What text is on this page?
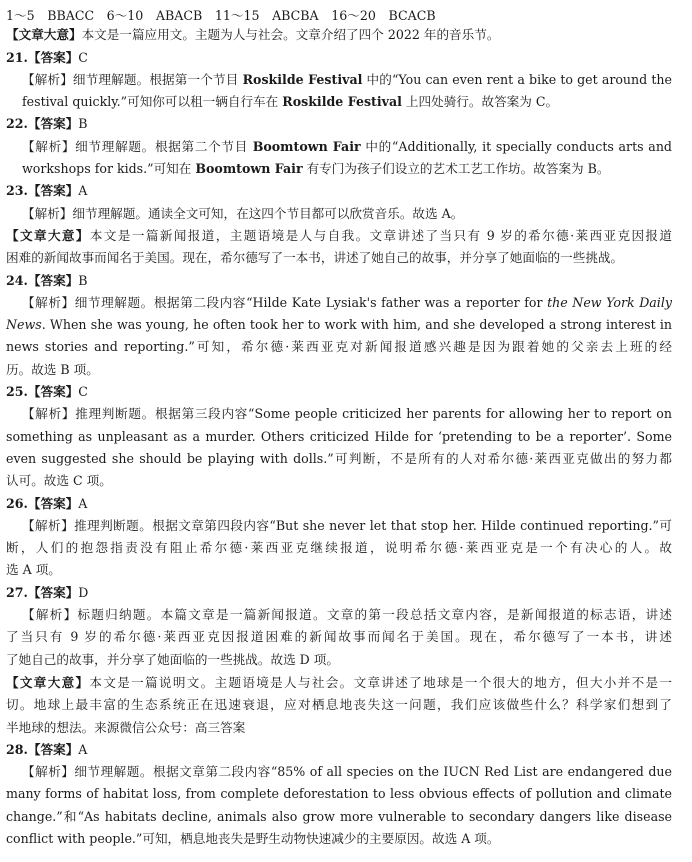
1～5　BBACC　6～10　ABACB　11～15　ABCBA　16～20　BCACB
【文章大意】本文是一篇应用文。主题为人与社会。文章介绍了四个 2022 年的音乐节。
21.【答案】C
【解析】细节理解题。根据第一个节目 Roskilde Festival 中的“You can even rent a bike to get around the
festival quickly.”可知你可以租一辆自行车在 Roskilde Festival 上四处骑行。故答案为 C。
22.【答案】B
【解析】细节理解题。根据第二个节目 Boomtown Fair 中的“Additionally, it specially conducts arts and
workshops for kids.”可知在 Boomtown Fair 有专门为孩子们设立的艺术工艺工作坊。故答案为 B。
23.【答案】A
【解析】细节理解题。通读全文可知，在这四个节目都可以欣赏音乐。故选 A。
【文章大意】本文是一篇新闻报道，主题语境是人与自我。文章讲述了当只有 9 岁的希尔德·莱西亚克因报道
困难的新闻故事而闻名于美国。现在，希尔德写了一本书，讲述了她自己的故事，并分享了她面临的一些挑战。
24.【答案】B
【解析】细节理解题。根据第二段内容“Hilde Kate Lysiak's father was a reporter for the New York Daily
News. When she was young, he often took her to work with him, and she developed a strong interest in
news stories and reporting.”可知，希尔德·莱西亚克对新闻报道感兴趣是因为跟着她的父亲去上班的经
历。故选 B 项。
25.【答案】C
【解析】推理判断题。根据第三段内容“Some people criticized her parents for allowing her to report on
something as unpleasant as a murder. Others criticized Hilde for ‘pretending to be a reporter’. Some
even suggested she should be playing with dolls.”可判断，不是所有的人对希尔德·莱西亚克做出的努力都
认可。故选 C 项。
26.【答案】A
【解析】推理判断题。根据文章第四段内容“But she never let that stop her. Hilde continued reporting.”可
断，人们的抱怨指责没有阻止希尔德·莱西亚克继续报道，说明希尔德·莱西亚克是一个有决心的人。故
选 A 项。
27.【答案】D
【解析】标题归纳题。本篇文章是一篇新闻报道。文章的第一段总括文章内容，是新闻报道的标志语，讲述
了当只有 9 岁的希尔德·莱西亚克因报道困难的新闻故事而闻名于美国。现在，希尔德写了一本书，讲述
了她自己的故事，并分享了她面临的一些挑战。故选 D 项。
【文章大意】本文是一篇说明文。主题语境是人与社会。文章讲述了地球是一个很大的地方，但大小并不是一
切。地球上最丰富的生态系统正在迅速衰退，应对栖息地丧失这一问题，我们应该做些什么？科学家们想到了
半地球的想法。来源微信公众号：高三答案
28.【答案】A
【解析】细节理解题。根据文章第二段内容“85% of all species on the IUCN Red List are endangered due
many forms of habitat loss, from complete deforestation to less obvious effects of pollution and climate
change.”和“As habitats decline, animals also grow more vulnerable to secondary dangers like disease
conflict with people.”可知，栖息地丧失是野生动物快速减少的主要原因。故选 A 项。
